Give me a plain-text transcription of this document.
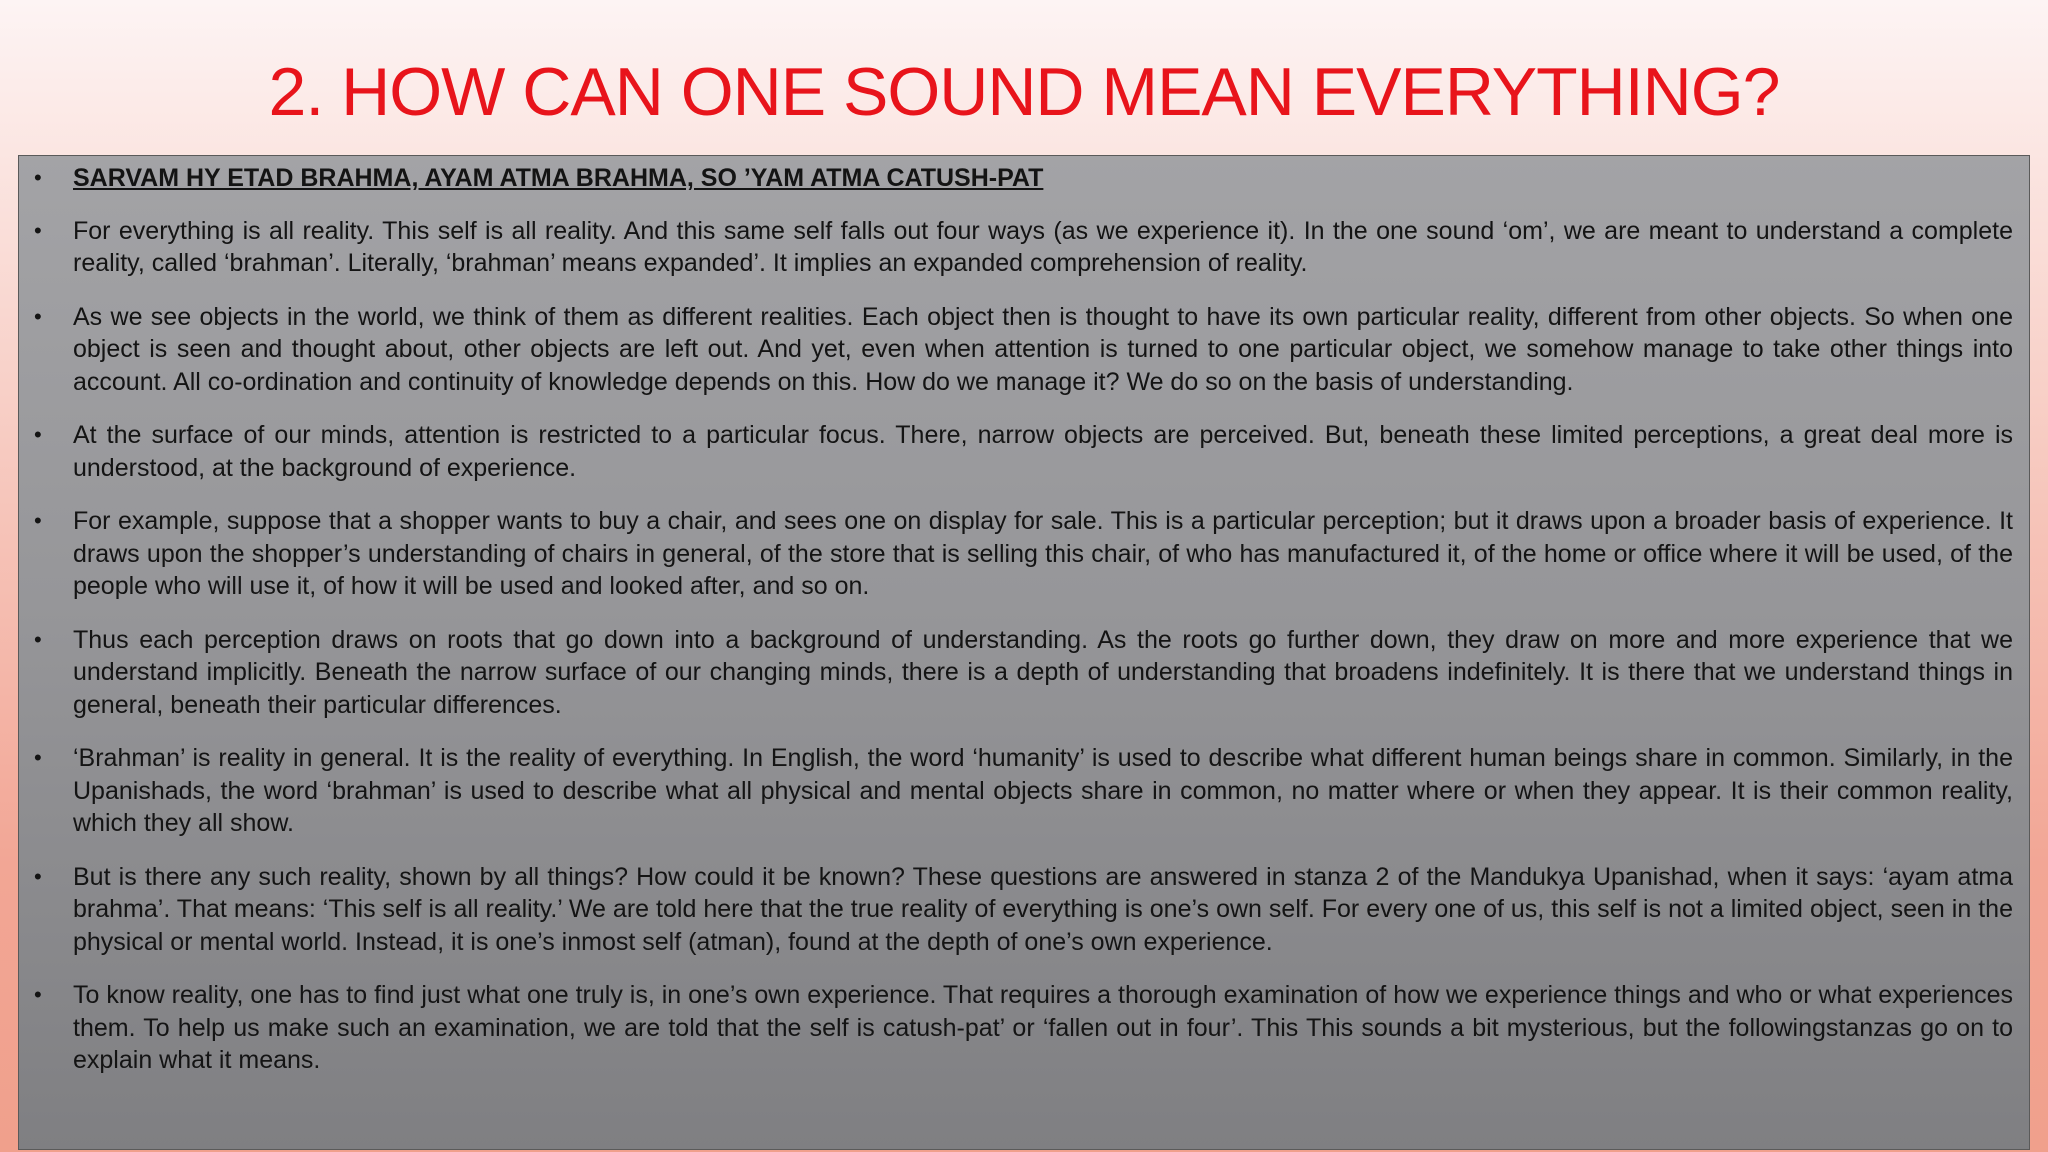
2. HOW CAN ONE SOUND MEAN EVERYTHING?
• SARVAM HY ETAD BRAHMA, AYAM ATMA BRAHMA, SO ’YAM ATMA CATUSH-PAT
• For everything is all reality. This self is all reality. And this same self falls out four ways (as we experience it). In the one sound ‘om’, we are meant to understand a complete reality, called ‘brahman’. Literally, ‘brahman’ means expanded’. It implies an expanded comprehension of reality.
• As we see objects in the world, we think of them as different realities. Each object then is thought to have its own particular reality, different from other objects. So when one object is seen and thought about, other objects are left out. And yet, even when attention is turned to one particular object, we somehow manage to take other things into account. All co-ordination and continuity of knowledge depends on this. How do we manage it? We do so on the basis of understanding.
• At the surface of our minds, attention is restricted to a particular focus. There, narrow objects are perceived. But, beneath these limited perceptions, a great deal more is understood, at the background of experience.
• For example, suppose that a shopper wants to buy a chair, and sees one on display for sale. This is a particular perception; but it draws upon a broader basis of experience. It draws upon the shopper’s understanding of chairs in general, of the store that is selling this chair, of who has manufactured it, of the home or office where it will be used, of the people who will use it, of how it will be used and looked after, and so on.
• Thus each perception draws on roots that go down into a background of understanding. As the roots go further down, they draw on more and more experience that we understand implicitly. Beneath the narrow surface of our changing minds, there is a depth of understanding that broadens indefinitely. It is there that we understand things in general, beneath their particular differences.
• ‘Brahman’ is reality in general. It is the reality of everything. In English, the word ‘humanity’ is used to describe what different human beings share in common. Similarly, in the Upanishads, the word ‘brahman’ is used to describe what all physical and mental objects share in common, no matter where or when they appear. It is their common reality, which they all show.
• But is there any such reality, shown by all things? How could it be known? These questions are answered in stanza 2 of the Mandukya Upanishad, when it says: ‘ayam atma brahma’. That means: ‘This self is all reality.’ We are told here that the true reality of everything is one’s own self. For every one of us, this self is not a limited object, seen in the physical or mental world. Instead, it is one’s inmost self (atman), found at the depth of one’s own experience.
• To know reality, one has to find just what one truly is, in one’s own experience. That requires a thorough examination of how we experience things and who or what experiences them. To help us make such an examination, we are told that the self is catush-pat’ or ‘fallen out in four’. This This sounds a bit mysterious, but the followingstanzas go on to explain what it means.
